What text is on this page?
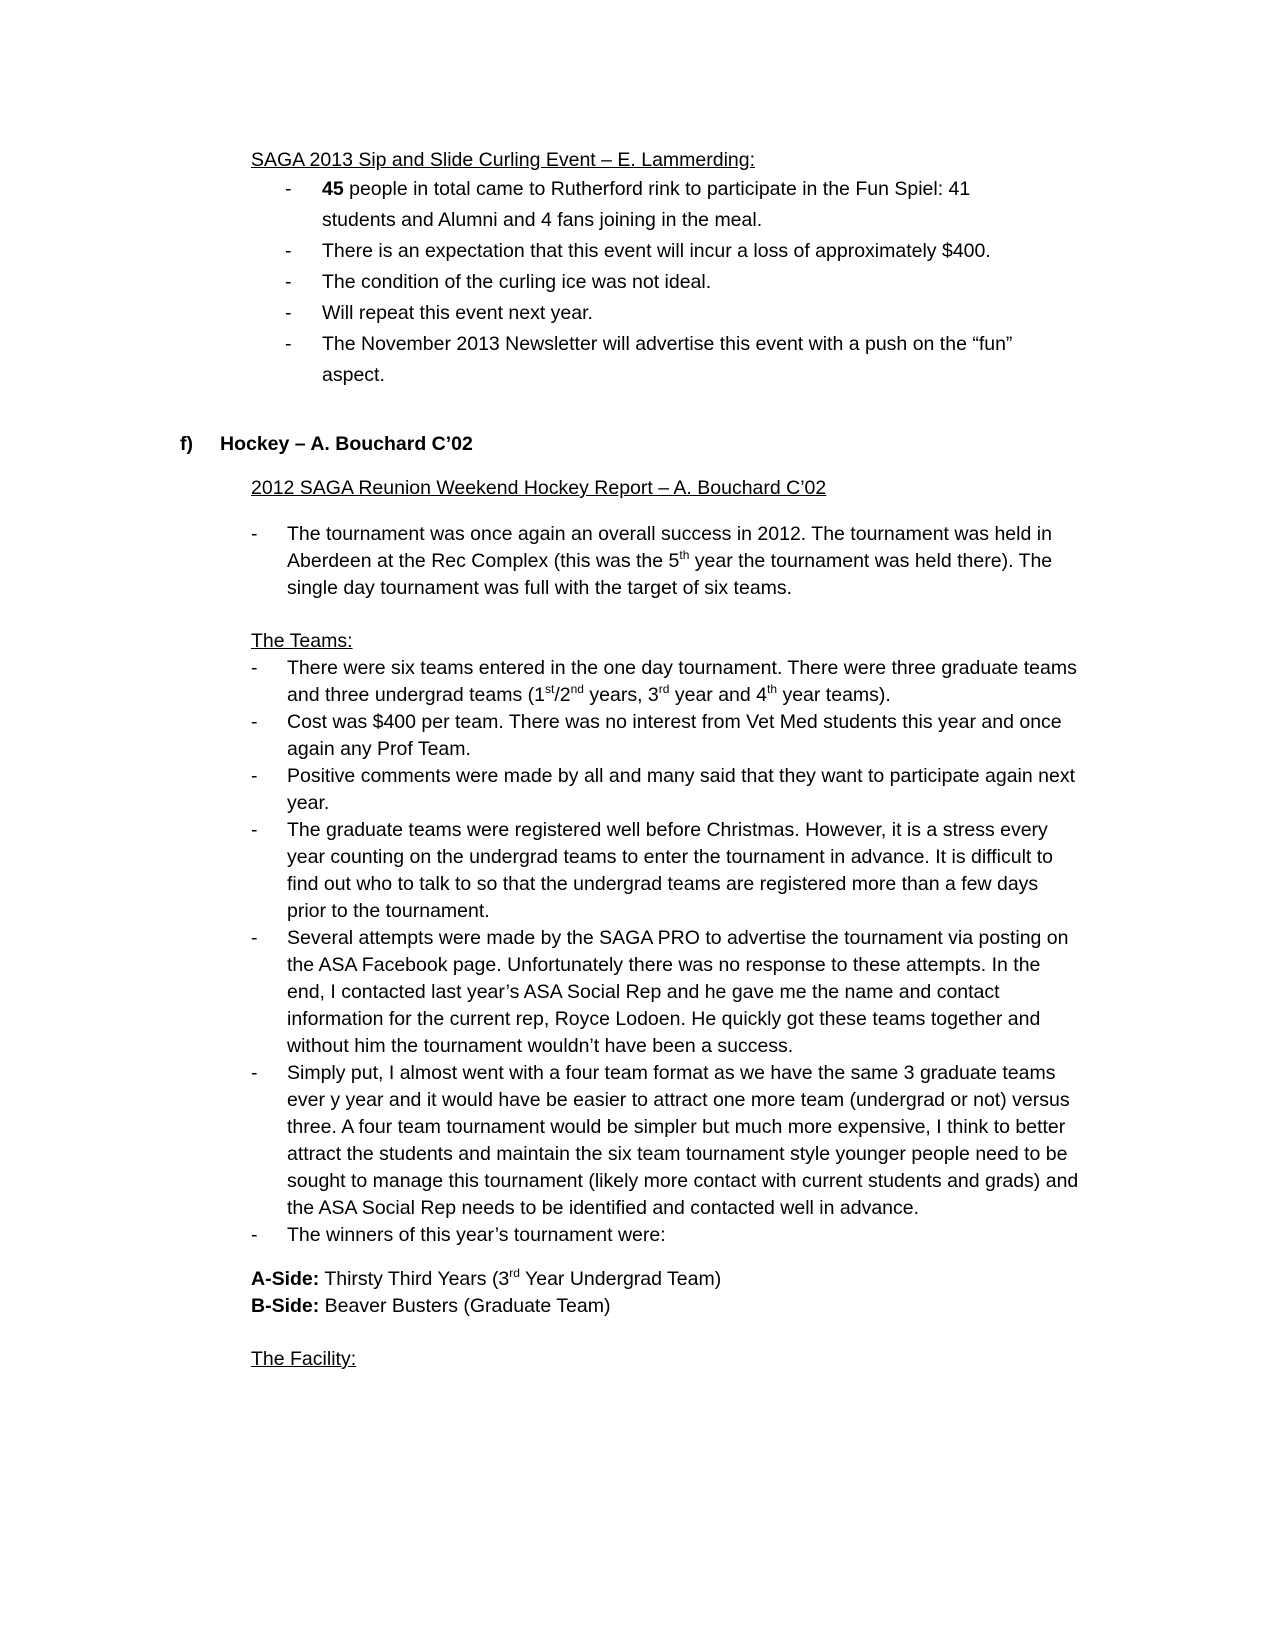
SAGA 2013 Sip and Slide Curling Event – E. Lammerding:

- 45 people in total came to Rutherford rink to participate in the Fun Spiel: 41 students and Alumni and 4 fans joining in the meal.
- There is an expectation that this event will incur a loss of approximately $400.
- The condition of the curling ice was not ideal.
- Will repeat this event next year.
- The November 2013 Newsletter will advertise this event with a push on the “fun” aspect.
f) Hockey – A. Bouchard C’02

2012 SAGA Reunion Weekend Hockey Report – A. Bouchard C’02

- The tournament was once again an overall success in 2012. The tournament was held in Aberdeen at the Rec Complex (this was the 5th year the tournament was held there). The single day tournament was full with the target of six teams.

The Teams:

- There were six teams entered in the one day tournament. There were three graduate teams and three undergrad teams (1st/2nd years, 3rd year and 4th year teams).
- Cost was $400 per team. There was no interest from Vet Med students this year and once again any Prof Team.
- Positive comments were made by all and many said that they want to participate again next year.
- The graduate teams were registered well before Christmas. However, it is a stress every year counting on the undergrad teams to enter the tournament in advance. It is difficult to find out who to talk to so that the undergrad teams are registered more than a few days prior to the tournament.
- Several attempts were made by the SAGA PRO to advertise the tournament via posting on the ASA Facebook page. Unfortunately there was no response to these attempts. In the end, I contacted last year’s ASA Social Rep and he gave me the name and contact information for the current rep, Royce Lodoen. He quickly got these teams together and without him the tournament wouldn’t have been a success.
- Simply put, I almost went with a four team format as we have the same 3 graduate teams ever y year and it would have be easier to attract one more team (undergrad or not) versus three. A four team tournament would be simpler but much more expensive, I think to better attract the students and maintain the six team tournament style younger people need to be sought to manage this tournament (likely more contact with current students and grads) and the ASA Social Rep needs to be identified and contacted well in advance.
- The winners of this year’s tournament were:

A-Side: Thirsty Third Years (3rd Year Undergrad Team)

B-Side: Beaver Busters (Graduate Team)

The Facility:
